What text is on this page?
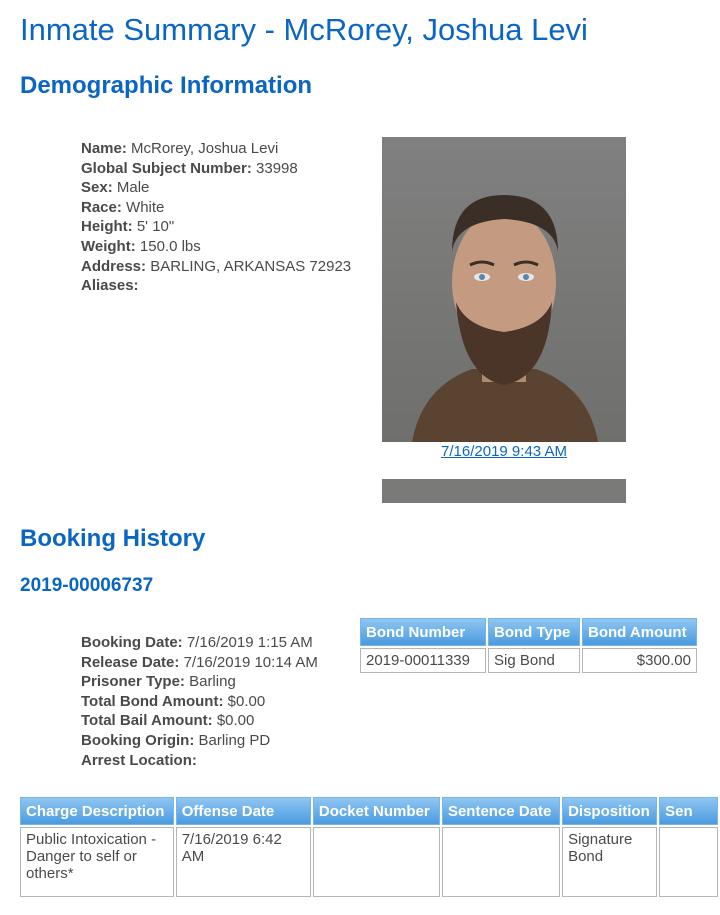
Inmate Summary - McRorey, Joshua Levi
Demographic Information
Name: McRorey, Joshua Levi
Global Subject Number: 33998
Sex: Male
Race: White
Height: 5' 10"
Weight: 150.0 lbs
Address: BARLING, ARKANSAS 72923
Aliases:
7/16/2019 9:43 AM
Booking History
2019-00006737
Booking Date: 7/16/2019 1:15 AM
Release Date: 7/16/2019 10:14 AM
Prisoner Type: Barling
Total Bond Amount: $0.00
Total Bail Amount: $0.00
Booking Origin: Barling PD
Arrest Location:
Bond Number	Bond Type	Bond Amount
2019-00011339	Sig Bond	$300.00
Charge Description	Offense Date	Docket Number	Sentence Date	Disposition	Sen
Public Intoxication - Danger to self or others*	7/16/2019 6:42 AM			Signature Bond	
